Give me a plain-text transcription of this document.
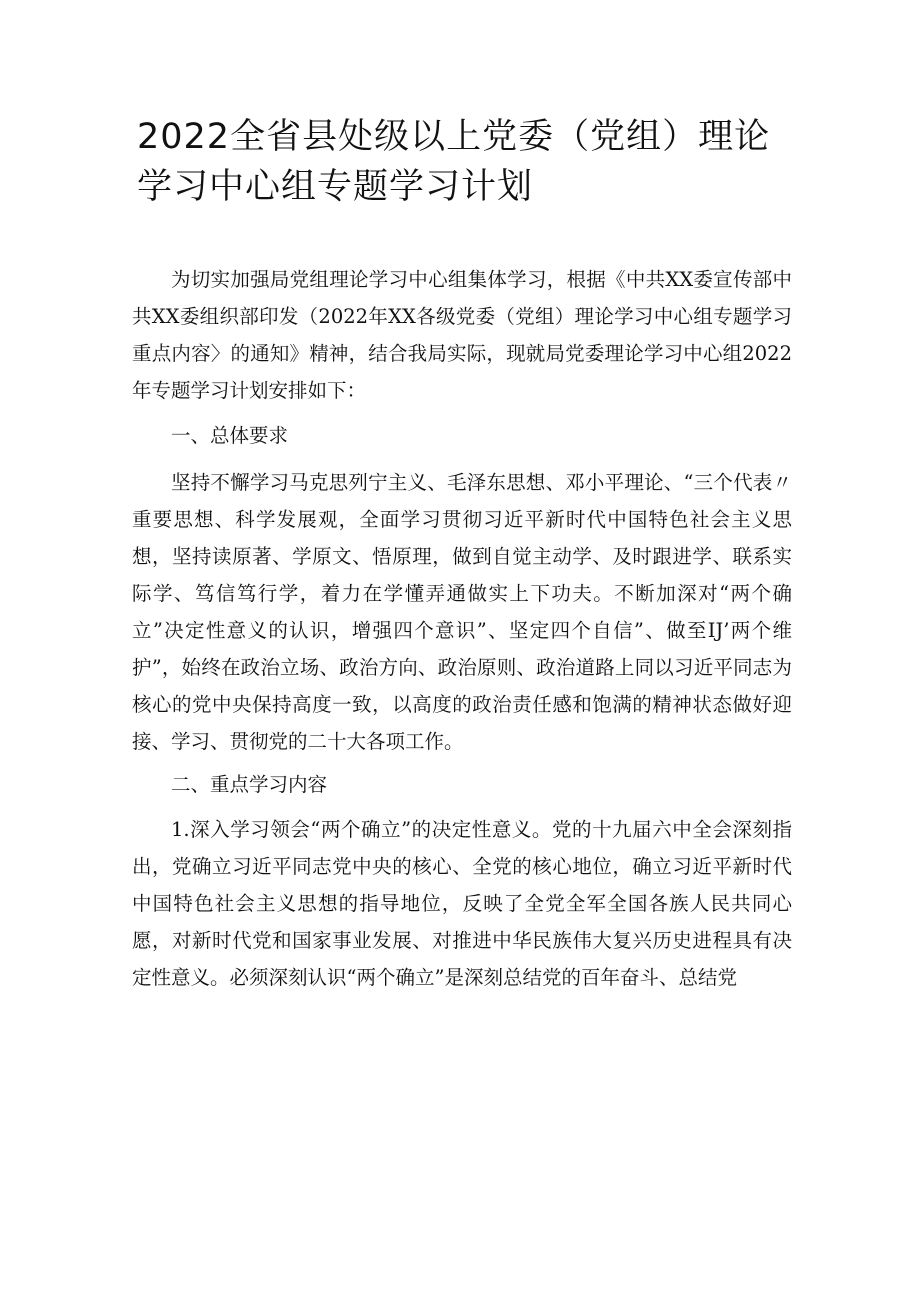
2022全省县处级以上党委（党组）理论学习中心组专题学习计划

为切实加强局党组理论学习中心组集体学习，根据《中共XX委宣传部中共XX委组织部印发（2022年XX各级党委（党组）理论学习中心组专题学习重点内容〉的通知》精神，结合我局实际，现就局党委理论学习中心组2022年专题学习计划安排如下：

一、总体要求

坚持不懈学习马克思列宁主义、毛泽东思想、邓小平理论、“三个代表〃重要思想、科学发展观，全面学习贯彻习近平新时代中国特色社会主义思想，坚持读原著、学原文、悟原理，做到自觉主动学、及时跟进学、联系实际学、笃信笃行学，着力在学懂弄通做实上下功夫。不断加深对“两个确立”决定性意义的认识，增强四个意识”、坚定四个自信”、做至IJ’两个维护”，始终在政治立场、政治方向、政治原则、政治道路上同以习近平同志为核心的党中央保持高度一致，以高度的政治责任感和饱满的精神状态做好迎接、学习、贯彻党的二十大各项工作。

二、重点学习内容

1.深入学习领会“两个确立”的决定性意义。党的十九届六中全会深刻指出，党确立习近平同志党中央的核心、全党的核心地位，确立习近平新时代中国特色社会主义思想的指导地位，反映了全党全军全国各族人民共同心愿，对新时代党和国家事业发展、对推进中华民族伟大复兴历史进程具有决定性意义。必须深刻认识“两个确立”是深刻总结党的百年奋斗、总结党
